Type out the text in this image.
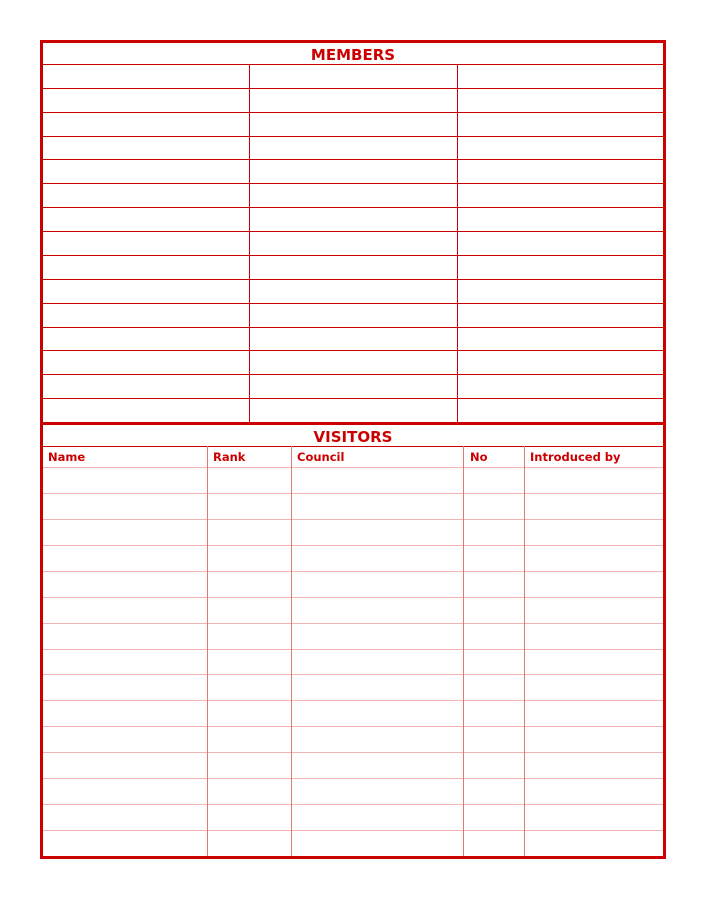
MEMBERS
VISITORS
Name	Rank	Council	No	Introduced by
